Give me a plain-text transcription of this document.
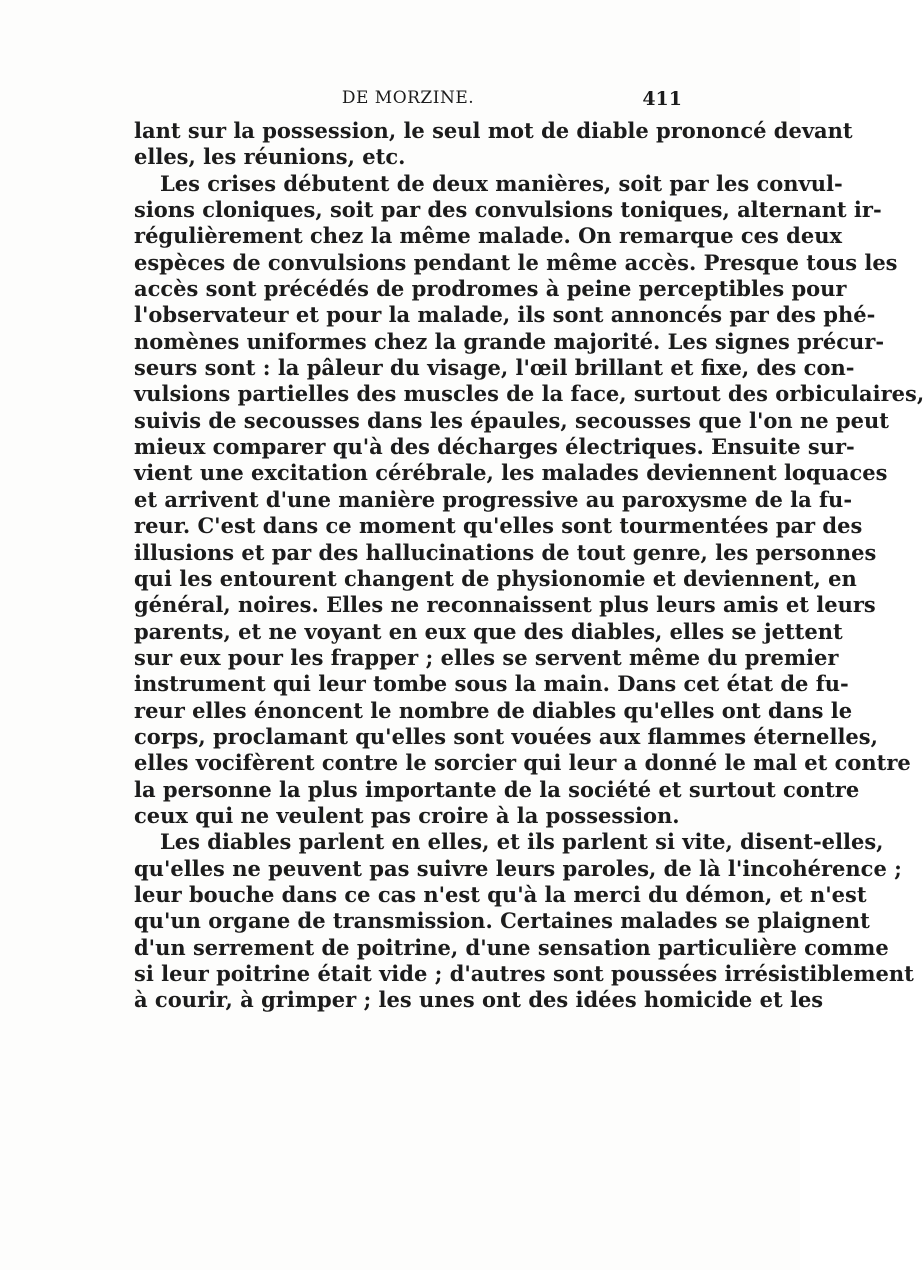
DE MORZINE.	411
lant sur la possession, le seul mot de diable prononcé devant
elles, les réunions, etc.
Les crises débutent de deux manières, soit par les convul-
sions cloniques, soit par des convulsions toniques, alternant ir-
régulièrement chez la même malade. On remarque ces deux
espèces de convulsions pendant le même accès. Presque tous les
accès sont précédés de prodromes à peine perceptibles pour
l'observateur et pour la malade, ils sont annoncés par des phé-
nomènes uniformes chez la grande majorité. Les signes précur-
seurs sont : la pâleur du visage, l'œil brillant et fixe, des con-
vulsions partielles des muscles de la face, surtout des orbiculaires,
suivis de secousses dans les épaules, secousses que l'on ne peut
mieux comparer qu'à des décharges électriques. Ensuite sur-
vient une excitation cérébrale, les malades deviennent loquaces
et arrivent d'une manière progressive au paroxysme de la fu-
reur. C'est dans ce moment qu'elles sont tourmentées par des
illusions et par des hallucinations de tout genre, les personnes
qui les entourent changent de physionomie et deviennent, en
général, noires. Elles ne reconnaissent plus leurs amis et leurs
parents, et ne voyant en eux que des diables, elles se jettent
sur eux pour les frapper ; elles se servent même du premier
instrument qui leur tombe sous la main. Dans cet état de fu-
reur elles énoncent le nombre de diables qu'elles ont dans le
corps, proclamant qu'elles sont vouées aux flammes éternelles,
elles vocifèrent contre le sorcier qui leur a donné le mal et contre
la personne la plus importante de la société et surtout contre
ceux qui ne veulent pas croire à la possession.
Les diables parlent en elles, et ils parlent si vite, disent-elles,
qu'elles ne peuvent pas suivre leurs paroles, de là l'incohérence ;
leur bouche dans ce cas n'est qu'à la merci du démon, et n'est
qu'un organe de transmission. Certaines malades se plaignent
d'un serrement de poitrine, d'une sensation particulière comme
si leur poitrine était vide ; d'autres sont poussées irrésistiblement
à courir, à grimper ; les unes ont des idées homicide et les
